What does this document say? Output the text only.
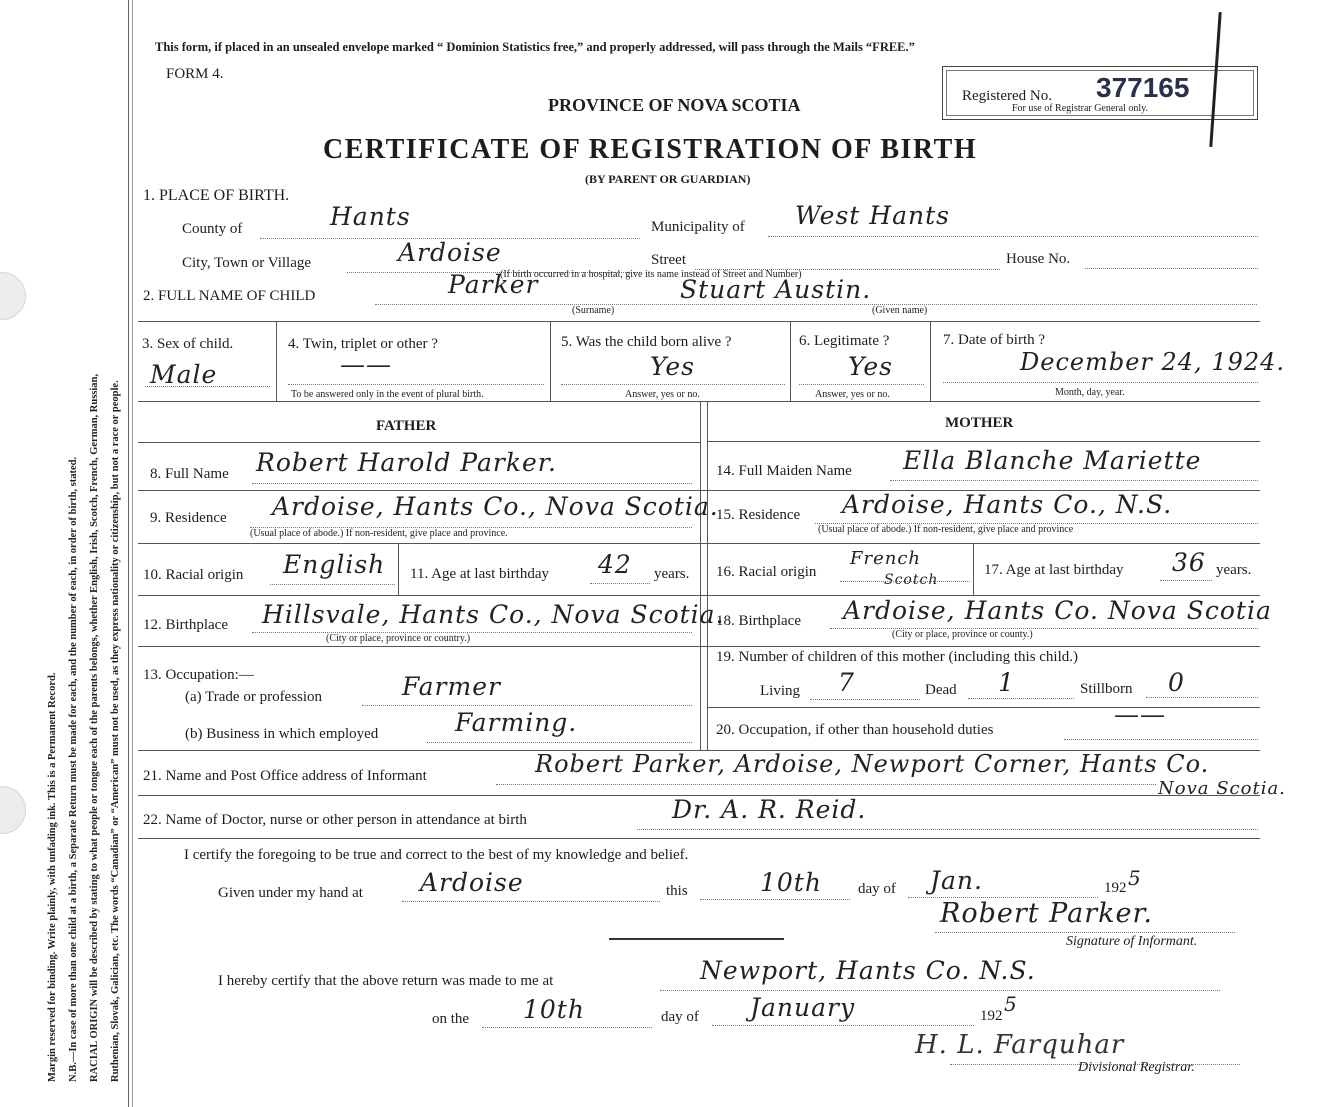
Margin reserved for binding. Write plainly, with unfading ink. This is a Permanent Record. N.B.—In case of more than one child at a birth, a Separate Return must be made for each, and the number of each, in order of birth, stated. RACIAL ORIGIN will be described by stating to what people or tongue each of the parents belongs, whether English, Irish, Scotch, French, German, Russian, Ruthenian, Slovak, Galician, etc. The words “Canadian” or “American” must not be used, as they express nationality or citizenship, but not a race or people.
This form, if placed in an unsealed envelope marked “ Dominion Statistics free,” and properly addressed, will pass through the Mails “FREE.”
FORM 4.
PROVINCE OF NOVA SCOTIA
CERTIFICATE OF REGISTRATION OF BIRTH
(BY PARENT OR GUARDIAN)
Registered No. 377165
For use of Registrar General only.
1. PLACE OF BIRTH.
County of	Hants	Municipality of West Hants
City, Town or Village	Ardoise	Street	House No.
(If birth occurred in a hospital, give its name instead of Street and Number)
2. FULL NAME OF CHILD	Parker	Stuart Austin.
(Surname)	(Given name)
3. Sex of child.
Male
4. Twin, triplet or other ?
——
To be answered only in the event of plural birth.
5. Was the child born alive ?
Yes
Answer, yes or no.
6. Legitimate ?
Yes
Answer, yes or no.
7. Date of birth ?
December 24, 1924.
Month, day, year.
FATHER	MOTHER
8. Full Name Robert Harold Parker.	14. Full Maiden Name Ella Blanche Mariette
9. Residence Ardoise, Hants Co., Nova Scotia.
(Usual place of abode.) If non-resident, give place and province.
15. Residence Ardoise, Hants Co., N.S.
(Usual place of abode.) If non-resident, give place and province
10. Racial origin English 11. Age at last birthday 42 years. 16. Racial origin
French
Scotch
17. Age at last birthday 36 years.
12. Birthplace Hillsvale, Hants Co., Nova Scotia.
(City or place, province or country.)
18. Birthplace Ardoise, Hants Co. Nova Scotia
(City or place, province or county.)
13. Occupation:—
(a) Trade or profession	Farmer
(b) Business in which employed	Farming.
19. Number of children of this mother (including this child.)
Living 7	Dead 1	Stillborn 0
20. Occupation, if other than household duties
——
21. Name and Post Office address of Informant	Robert Parker, Ardoise, Newport Corner, Hants Co.
Nova Scotia.
22. Name of Doctor, nurse or other person in attendance at birth	Dr. A. R. Reid.
I certify the foregoing to be true and correct to the best of my knowledge and belief.
Given under my hand at Ardoise	this	10th day of Jan.	192 5
Robert Parker.
Signature of Informant.
I hereby certify that the above return was made to me at	Newport, Hants Co. N.S.
on the 10th	day of January	192 5
H. L. Farquhar
Divisional Registrar.
